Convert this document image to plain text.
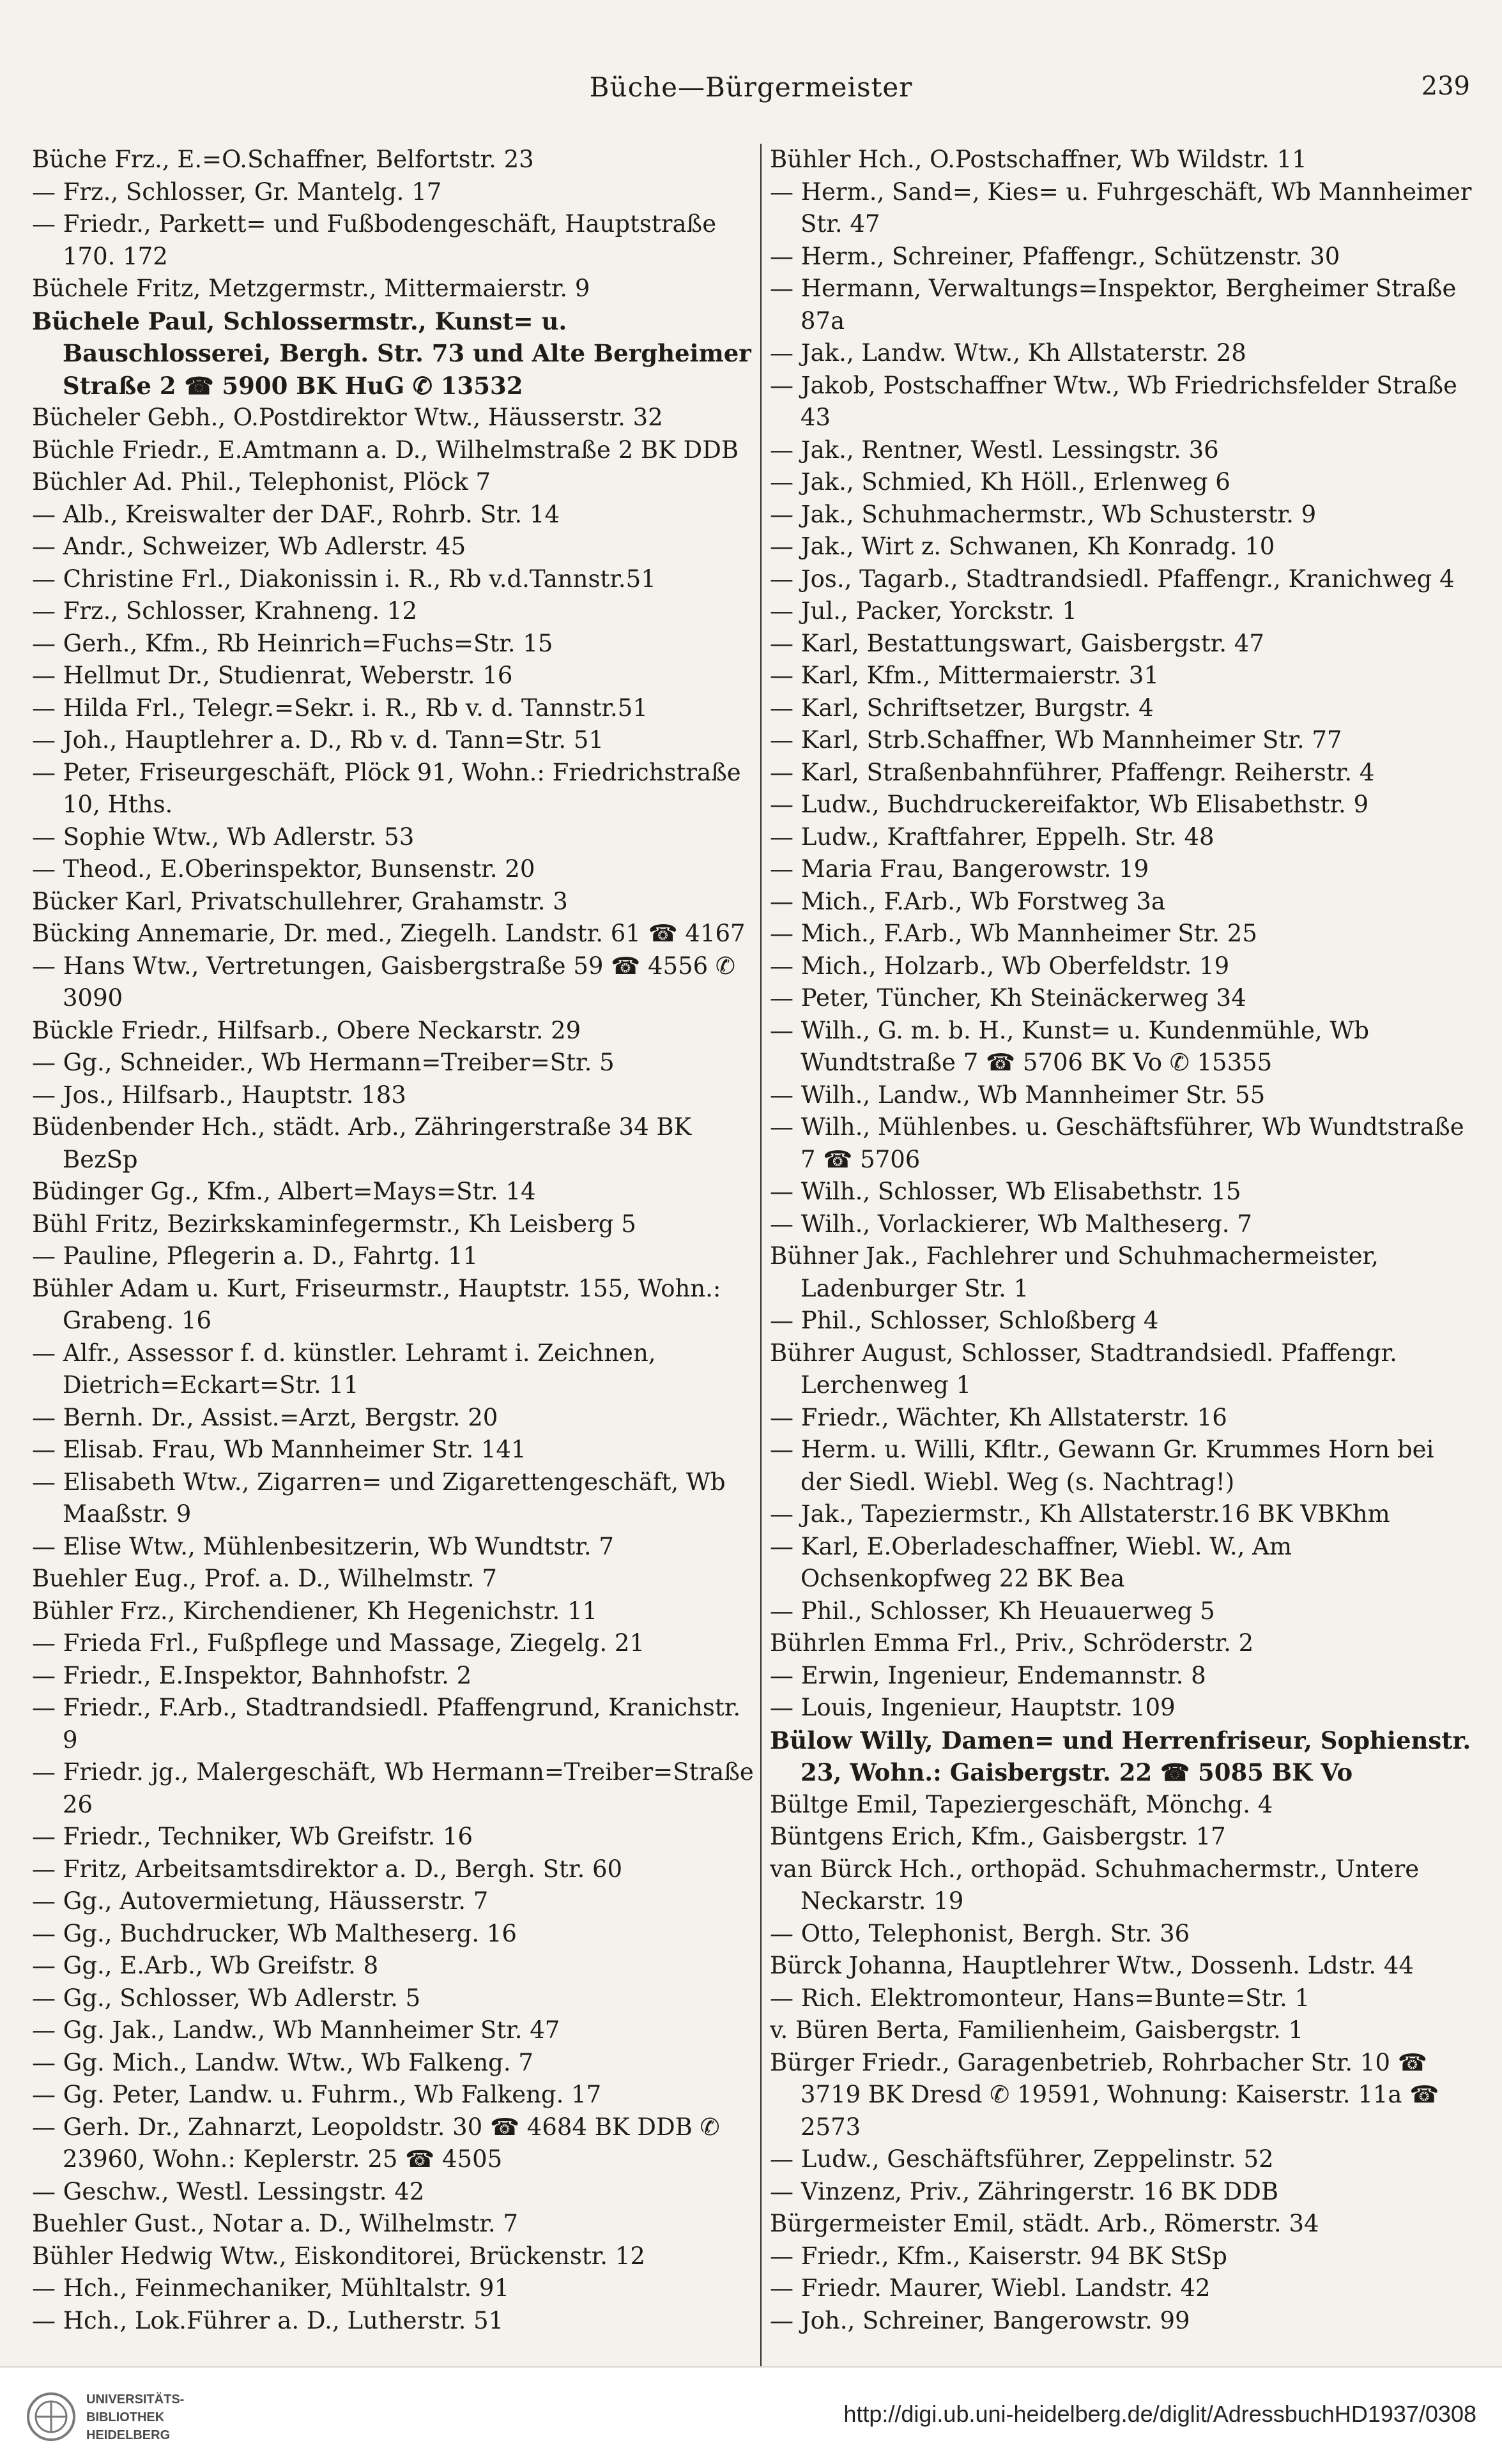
Büche—Bürgermeister	239
Büche Frz., E.=O.Schaffner, Belfortstr. 23
— Frz., Schlosser, Gr. Mantelg. 17
— Friedr., Parkett= und Fußbodengeschäft, Hauptstraße 170. 172
Büchele Fritz, Metzgermstr., Mittermaierstr. 9
Büchele Paul, Schlossermstr., Kunst= u. Bauschlosserei, Bergh. Str. 73 und Alte Bergheimer Straße 2 ☎ 5900 BK HuG ✆ 13532
Bücheler Gebh., O.Postdirektor Wtw., Häusserstr. 32
Büchle Friedr., E.Amtmann a. D., Wilhelmstraße 2 BK DDB
Büchler Ad. Phil., Telephonist, Plöck 7
— Alb., Kreiswalter der DAF., Rohrb. Str. 14
— Andr., Schweizer, Wb Adlerstr. 45
— Christine Frl., Diakonissin i. R., Rb v.d.Tannstr.51
— Frz., Schlosser, Krahneng. 12
— Gerh., Kfm., Rb Heinrich=Fuchs=Str. 15
— Hellmut Dr., Studienrat, Weberstr. 16
— Hilda Frl., Telegr.=Sekr. i. R., Rb v. d. Tannstr.51
— Joh., Hauptlehrer a. D., Rb v. d. Tann=Str. 51
— Peter, Friseurgeschäft, Plöck 91, Wohn.: Friedrichstraße 10, Hths.
— Sophie Wtw., Wb Adlerstr. 53
— Theod., E.Oberinspektor, Bunsenstr. 20
Bücker Karl, Privatschullehrer, Grahamstr. 3
Bücking Annemarie, Dr. med., Ziegelh. Landstr. 61 ☎ 4167
— Hans Wtw., Vertretungen, Gaisbergstraße 59 ☎ 4556 ✆ 3090
Bückle Friedr., Hilfsarb., Obere Neckarstr. 29
— Gg., Schneider., Wb Hermann=Treiber=Str. 5
— Jos., Hilfsarb., Hauptstr. 183
Büdenbender Hch., städt. Arb., Zähringerstraße 34 BK BezSp
Büdinger Gg., Kfm., Albert=Mays=Str. 14
Bühl Fritz, Bezirkskaminfegermstr., Kh Leisberg 5
— Pauline, Pflegerin a. D., Fahrtg. 11
Bühler Adam u. Kurt, Friseurmstr., Hauptstr. 155, Wohn.: Grabeng. 16
— Alfr., Assessor f. d. künstler. Lehramt i. Zeichnen, Dietrich=Eckart=Str. 11
— Bernh. Dr., Assist.=Arzt, Bergstr. 20
— Elisab. Frau, Wb Mannheimer Str. 141
— Elisabeth Wtw., Zigarren= und Zigarettengeschäft, Wb Maaßstr. 9
— Elise Wtw., Mühlenbesitzerin, Wb Wundtstr. 7
Buehler Eug., Prof. a. D., Wilhelmstr. 7
Bühler Frz., Kirchendiener, Kh Hegenichstr. 11
— Frieda Frl., Fußpflege und Massage, Ziegelg. 21
— Friedr., E.Inspektor, Bahnhofstr. 2
— Friedr., F.Arb., Stadtrandsiedl. Pfaffengrund, Kranichstr. 9
— Friedr. jg., Malergeschäft, Wb Hermann=Treiber=Straße 26
— Friedr., Techniker, Wb Greifstr. 16
— Fritz, Arbeitsamtsdirektor a. D., Bergh. Str. 60
— Gg., Autovermietung, Häusserstr. 7
— Gg., Buchdrucker, Wb Maltheserg. 16
— Gg., E.Arb., Wb Greifstr. 8
— Gg., Schlosser, Wb Adlerstr. 5
— Gg. Jak., Landw., Wb Mannheimer Str. 47
— Gg. Mich., Landw. Wtw., Wb Falkeng. 7
— Gg. Peter, Landw. u. Fuhrm., Wb Falkeng. 17
— Gerh. Dr., Zahnarzt, Leopoldstr. 30 ☎ 4684 BK DDB ✆ 23960, Wohn.: Keplerstr. 25 ☎ 4505
— Geschw., Westl. Lessingstr. 42
Buehler Gust., Notar a. D., Wilhelmstr. 7
Bühler Hedwig Wtw., Eiskonditorei, Brückenstr. 12
— Hch., Feinmechaniker, Mühltalstr. 91
— Hch., Lok.Führer a. D., Lutherstr. 51
Bühler Hch., O.Postschaffner, Wb Wildstr. 11
— Herm., Sand=, Kies= u. Fuhrgeschäft, Wb Mannheimer Str. 47
— Herm., Schreiner, Pfaffengr., Schützenstr. 30
— Hermann, Verwaltungs=Inspektor, Bergheimer Straße 87a
— Jak., Landw. Wtw., Kh Allstaterstr. 28
— Jakob, Postschaffner Wtw., Wb Friedrichsfelder Straße 43
— Jak., Rentner, Westl. Lessingstr. 36
— Jak., Schmied, Kh Höll., Erlenweg 6
— Jak., Schuhmachermstr., Wb Schusterstr. 9
— Jak., Wirt z. Schwanen, Kh Konradg. 10
— Jos., Tagarb., Stadtrandsiedl. Pfaffengr., Kranichweg 4
— Jul., Packer, Yorckstr. 1
— Karl, Bestattungswart, Gaisbergstr. 47
— Karl, Kfm., Mittermaierstr. 31
— Karl, Schriftsetzer, Burgstr. 4
— Karl, Strb.Schaffner, Wb Mannheimer Str. 77
— Karl, Straßenbahnführer, Pfaffengr. Reiherstr. 4
— Ludw., Buchdruckereifaktor, Wb Elisabethstr. 9
— Ludw., Kraftfahrer, Eppelh. Str. 48
— Maria Frau, Bangerowstr. 19
— Mich., F.Arb., Wb Forstweg 3a
— Mich., F.Arb., Wb Mannheimer Str. 25
— Mich., Holzarb., Wb Oberfeldstr. 19
— Peter, Tüncher, Kh Steinäckerweg 34
— Wilh., G. m. b. H., Kunst= u. Kundenmühle, Wb Wundtstraße 7 ☎ 5706 BK Vo ✆ 15355
— Wilh., Landw., Wb Mannheimer Str. 55
— Wilh., Mühlenbes. u. Geschäftsführer, Wb Wundtstraße 7 ☎ 5706
— Wilh., Schlosser, Wb Elisabethstr. 15
— Wilh., Vorlackierer, Wb Maltheserg. 7
Bühner Jak., Fachlehrer und Schuhmachermeister, Ladenburger Str. 1
— Phil., Schlosser, Schloßberg 4
Bührer August, Schlosser, Stadtrandsiedl. Pfaffengr. Lerchenweg 1
— Friedr., Wächter, Kh Allstaterstr. 16
— Herm. u. Willi, Kfltr., Gewann Gr. Krummes Horn bei der Siedl. Wiebl. Weg (s. Nachtrag!)
— Jak., Tapeziermstr., Kh Allstaterstr.16 BK VBKhm
— Karl, E.Oberladeschaffner, Wiebl. W., Am Ochsenkopfweg 22 BK Bea
— Phil., Schlosser, Kh Heuauerweg 5
Bührlen Emma Frl., Priv., Schröderstr. 2
— Erwin, Ingenieur, Endemannstr. 8
— Louis, Ingenieur, Hauptstr. 109
Bülow Willy, Damen= und Herrenfriseur, Sophienstr. 23, Wohn.: Gaisbergstr. 22 ☎ 5085 BK Vo
Bültge Emil, Tapeziergeschäft, Mönchg. 4
Büntgens Erich, Kfm., Gaisbergstr. 17
van Bürck Hch., orthopäd. Schuhmachermstr., Untere Neckarstr. 19
— Otto, Telephonist, Bergh. Str. 36
Bürck Johanna, Hauptlehrer Wtw., Dossenh. Ldstr. 44
— Rich. Elektromonteur, Hans=Bunte=Str. 1
v. Büren Berta, Familienheim, Gaisbergstr. 1
Bürger Friedr., Garagenbetrieb, Rohrbacher Str. 10 ☎ 3719 BK Dresd ✆ 19591, Wohnung: Kaiserstr. 11a ☎ 2573
— Ludw., Geschäftsführer, Zeppelinstr. 52
— Vinzenz, Priv., Zähringerstr. 16 BK DDB
Bürgermeister Emil, städt. Arb., Römerstr. 34
— Friedr., Kfm., Kaiserstr. 94 BK StSp
— Friedr. Maurer, Wiebl. Landstr. 42
— Joh., Schreiner, Bangerowstr. 99
UNIVERSITÄTS-
BIBLIOTHEK
HEIDELBERG
http://digi.ub.uni-heidelberg.de/diglit/AdressbuchHD1937/0308
